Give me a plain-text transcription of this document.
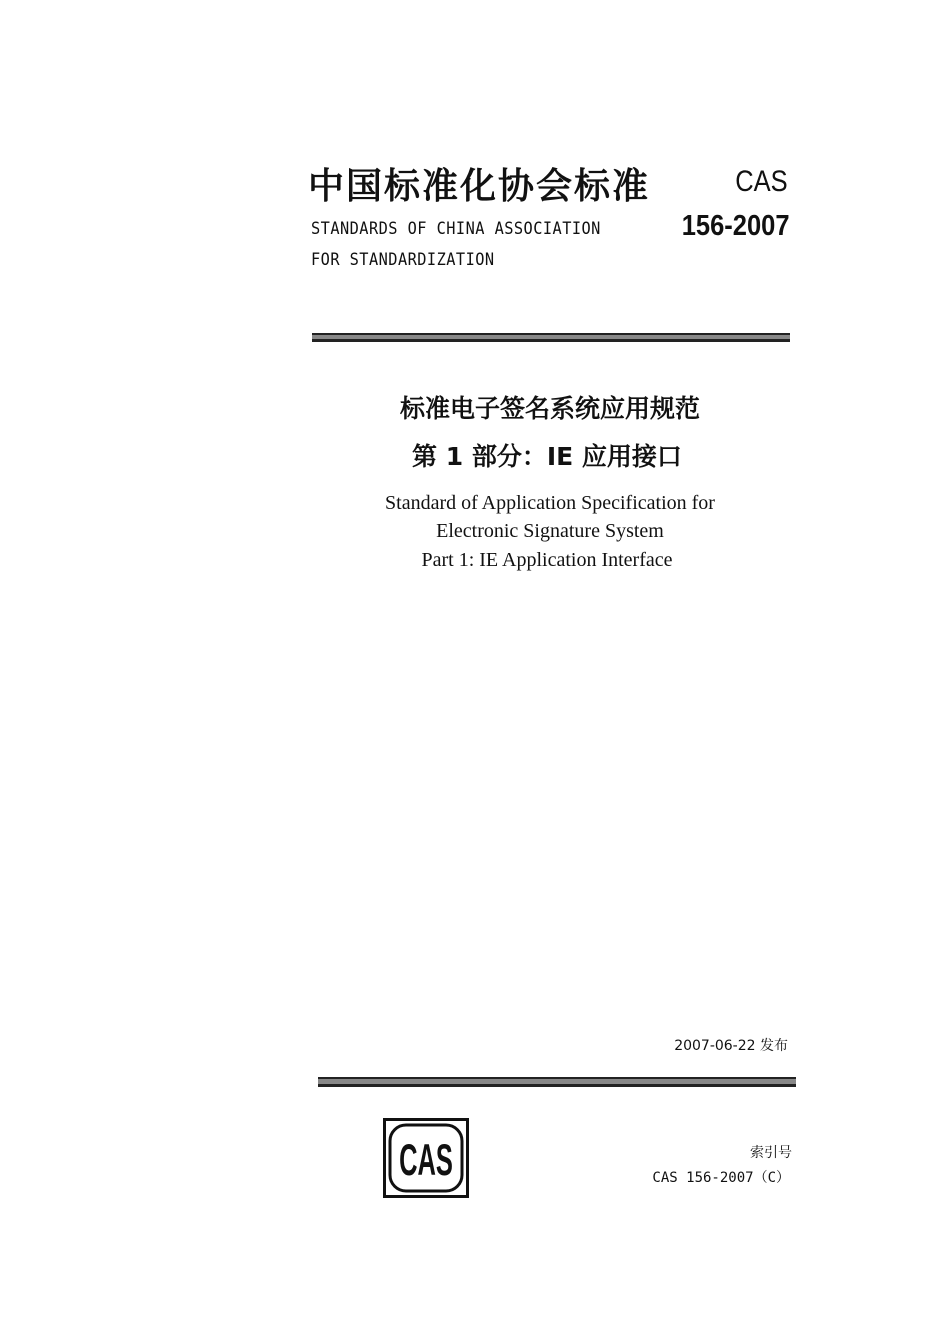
中国标准化协会标准
STANDARDS OF CHINA ASSOCIATION
FOR STANDARDIZATION
CAS
156-2007
标准电子签名系统应用规范
第 1 部分：IE 应用接口
Standard of Application Specification for
Electronic Signature System
Part 1: IE Application Interface
2007-06-22 发布
CAS	索引号
CAS 156-2007（C）
